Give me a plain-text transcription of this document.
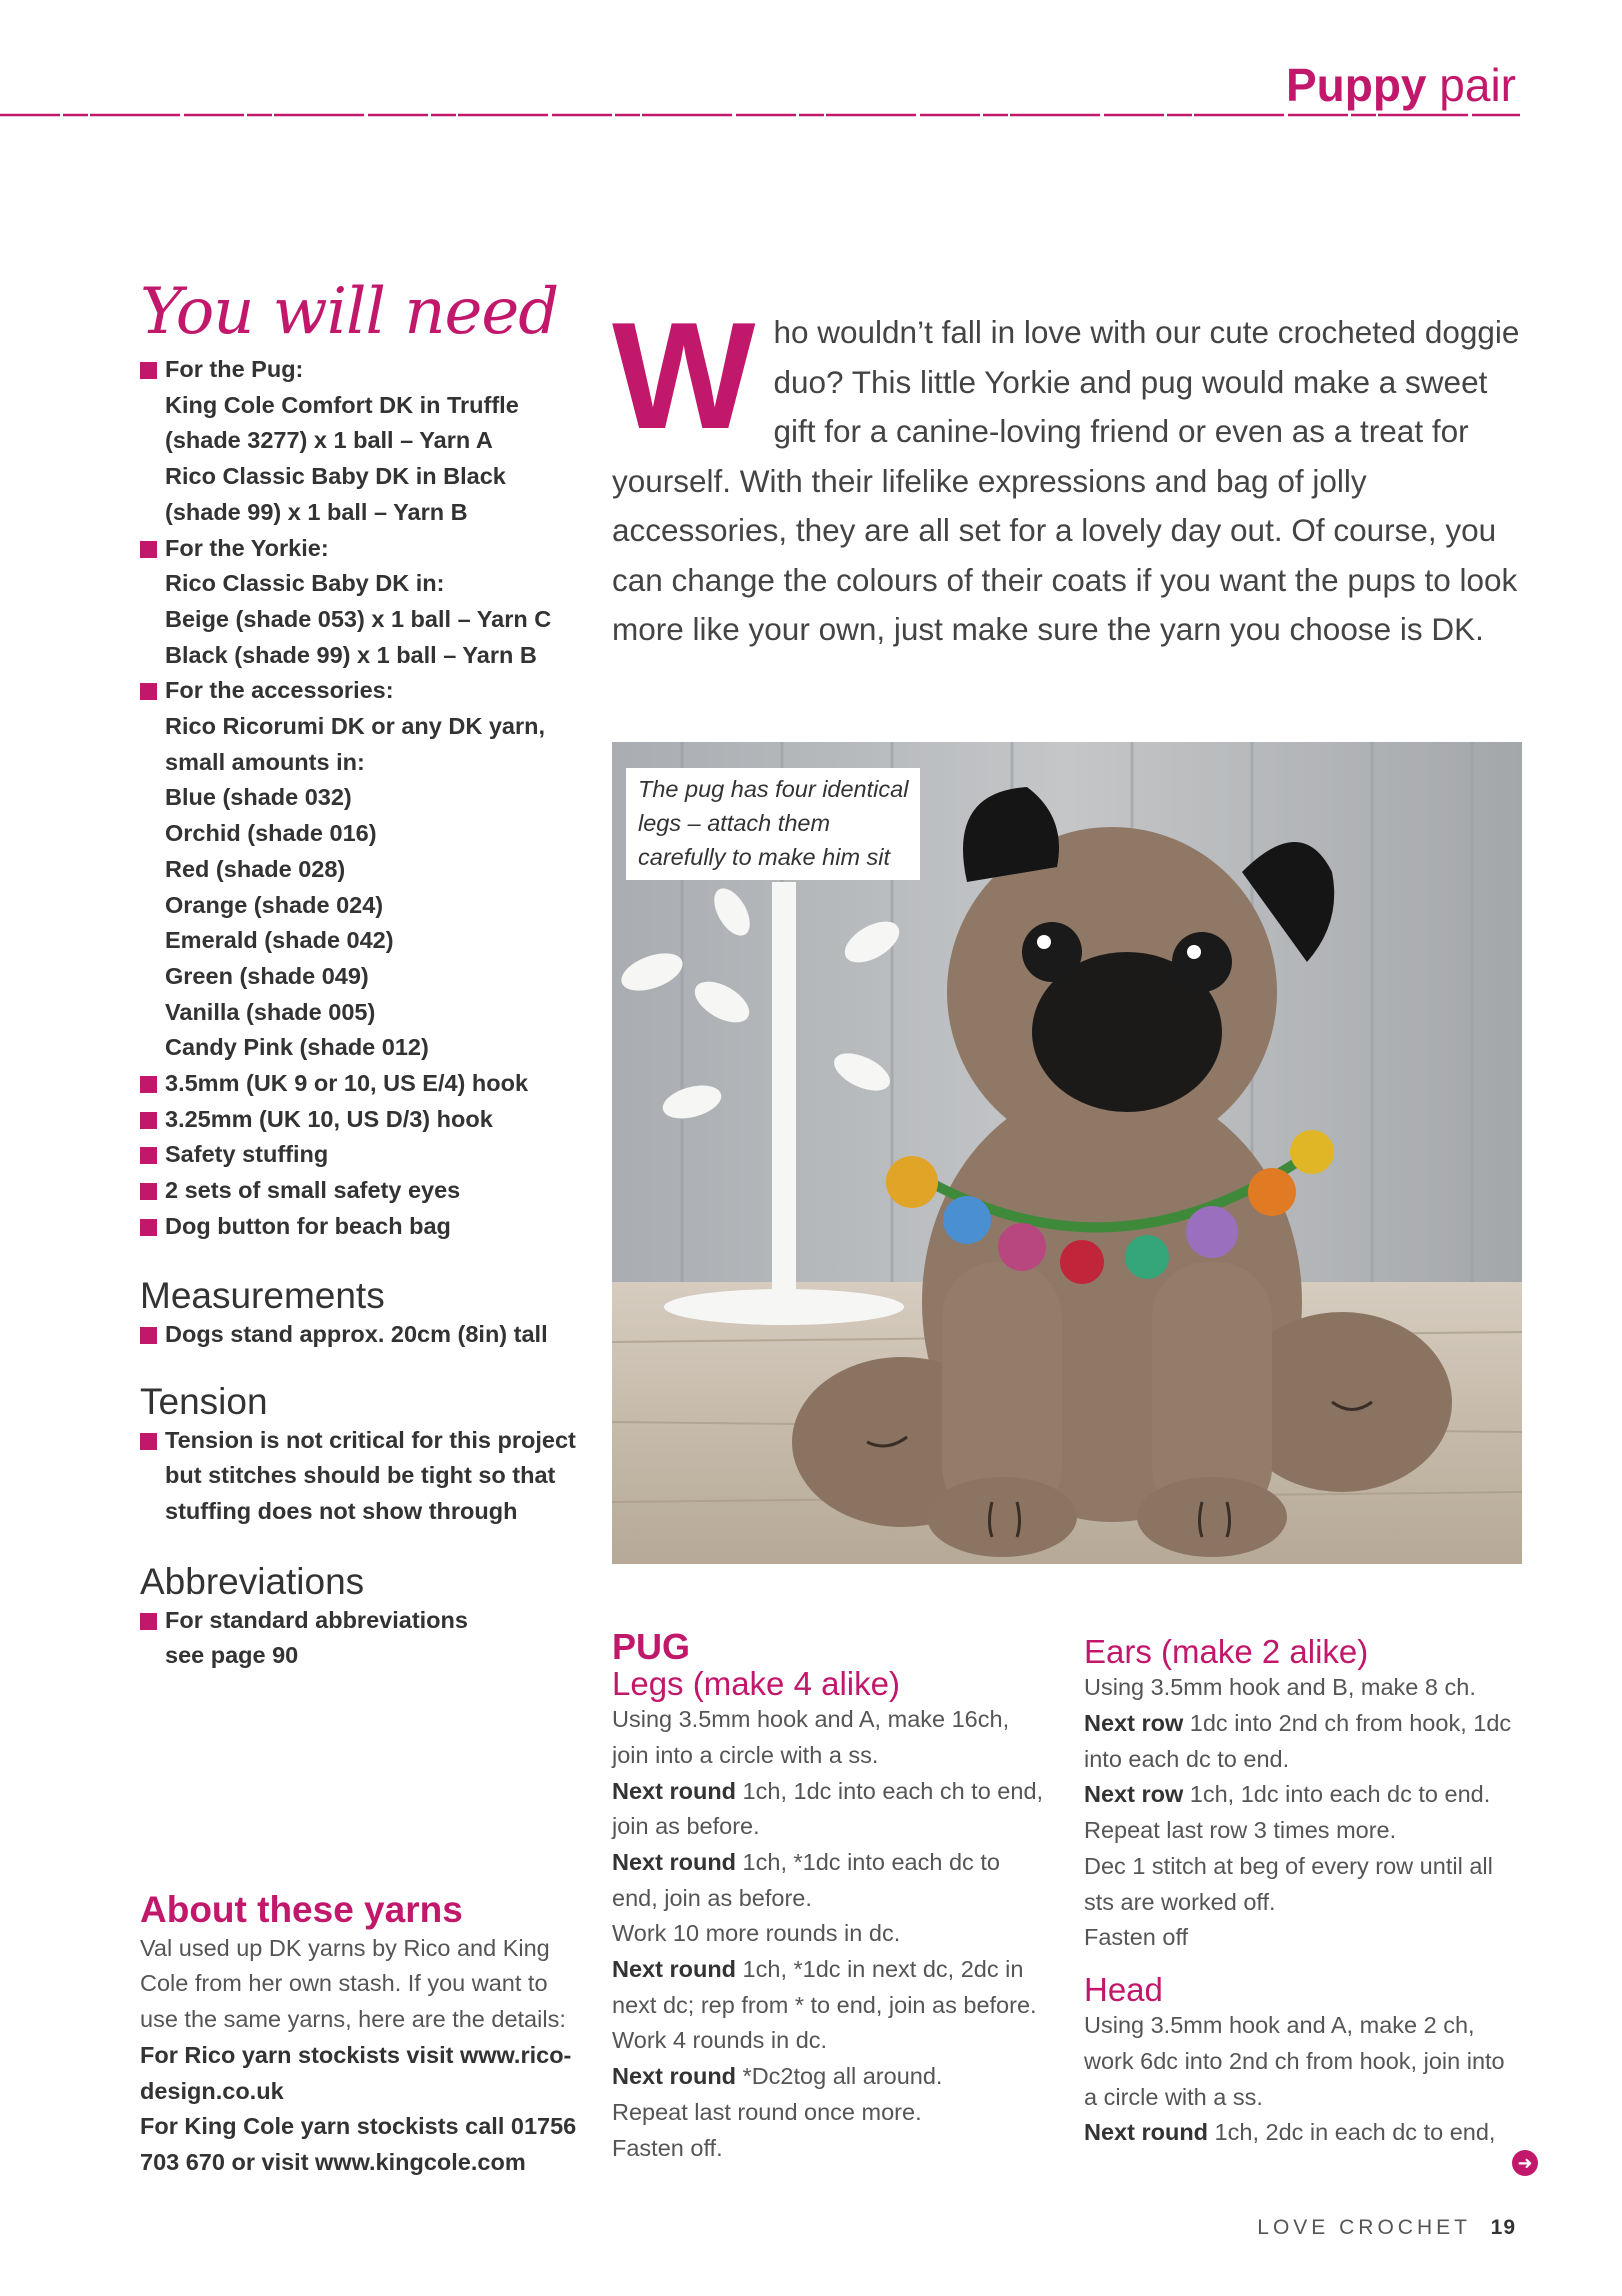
Puppy pair
You will need
For the Pug:
King Cole Comfort DK in Truffle
(shade 3277) x 1 ball – Yarn A
Rico Classic Baby DK in Black
(shade 99) x 1 ball – Yarn B
For the Yorkie:
Rico Classic Baby DK in:
Beige (shade 053) x 1 ball – Yarn C
Black (shade 99) x 1 ball – Yarn B
For the accessories:
Rico Ricorumi DK or any DK yarn,
small amounts in:
Blue (shade 032)
Orchid (shade 016)
Red (shade 028)
Orange (shade 024)
Emerald (shade 042)
Green (shade 049)
Vanilla (shade 005)
Candy Pink (shade 012)
3.5mm (UK 9 or 10, US E/4) hook
3.25mm (UK 10, US D/3) hook
Safety stuffing
2 sets of small safety eyes
Dog button for beach bag
Measurements
Dogs stand approx. 20cm (8in) tall
Tension
Tension is not critical for this project
but stitches should be tight so that
stuffing does not show through
Abbreviations
For standard abbreviations
see page 90
About these yarns
Val used up DK yarns by Rico and King Cole from her own stash. If you want to use the same yarns, here are the details:
For Rico yarn stockists visit www.rico-design.co.uk
For King Cole yarn stockists call 01756 703 670 or visit www.kingcole.com
Who wouldn’t fall in love with our cute crocheted doggie duo? This little Yorkie and pug would make a sweet gift for a canine-loving friend or even as a treat for yourself. With their lifelike expressions and bag of jolly accessories, they are all set for a lovely day out. Of course, you can change the colours of their coats if you want the pups to look more like your own, just make sure the yarn you choose is DK.
The pug has four identical
legs – attach them
carefully to make him sit
PUG
Legs (make 4 alike)

Using 3.5mm hook and A, make 16ch, join into a circle with a ss.

Next round 1ch, 1dc into each ch to end, join as before.

Next round 1ch, *1dc into each dc to end, join as before.

Work 10 more rounds in dc.

Next round 1ch, *1dc in next dc, 2dc in next dc; rep from * to end, join as before.

Work 4 rounds in dc.

Next round *Dc2tog all around.

Repeat last round once more.

Fasten off.

Ears (make 2 alike)

Using 3.5mm hook and B, make 8 ch.

Next row 1dc into 2nd ch from hook, 1dc into each dc to end.

Next row 1ch, 1dc into each dc to end.

Repeat last row 3 times more.

Dec 1 stitch at beg of every row until all sts are worked off.

Fasten off

Head

Using 3.5mm hook and A, make 2 ch, work 6dc into 2nd ch from hook, join into a circle with a ss.

Next round 1ch, 2dc in each dc to end,

➜
LOVE CROCHET 19
